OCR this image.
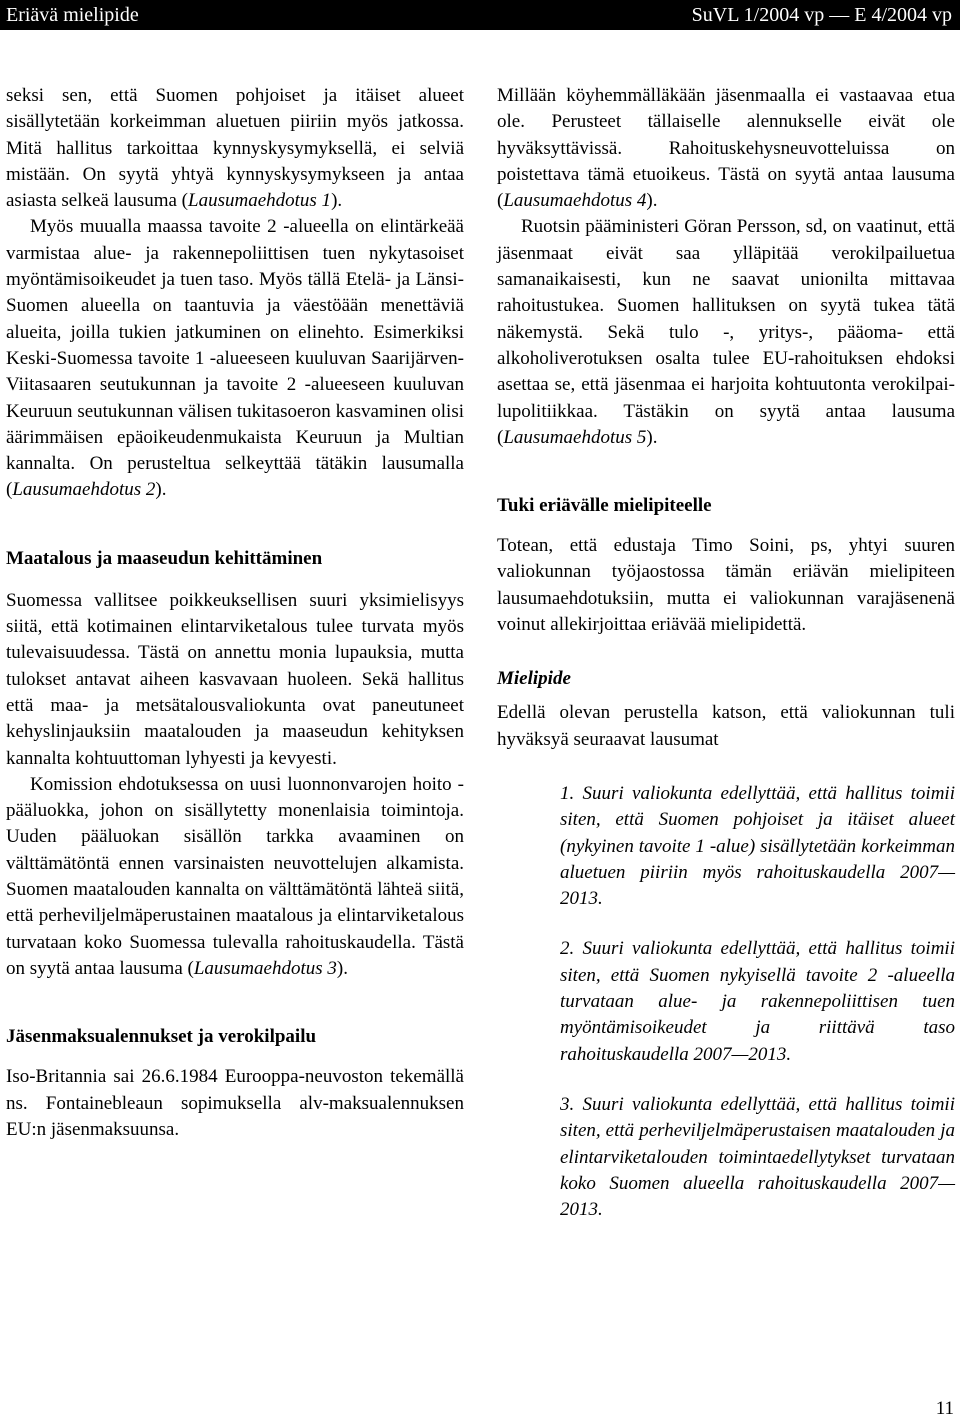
Eriävä mielipide	SuVL 1/2004 vp — E 4/2004 vp

seksi sen, että Suomen pohjoiset ja itäiset alueet sisällytetään korkeimman aluetuen piiriin myös jatkossa. Mitä hallitus tarkoittaa kynnyskysymyksellä, ei selviä mistään. On syytä yhtyä kynnyskysymykseen ja antaa asiasta selkeä lausuma (Lausumaehdotus 1).

Myös muualla maassa tavoite 2 -alueella on elintärkeää varmistaa alue- ja rakennepoliittisen tuen nykytasoiset myöntämisoikeudet ja tuen taso. Myös tällä Etelä- ja Länsi-Suomen alueella on taantuvia ja väestöään menettäviä alueita, joilla tukien jatkuminen on elinehto. Esimerkiksi Keski-Suomessa tavoite 1 -alueeseen kuuluvan Saarijärven-Viitasaaren seutukunnan ja tavoite 2 -alueeseen kuuluvan Keuruun seutukunnan välisen tukitasoeron kasvaminen olisi äärimmäisen epäoikeudenmukaista Keuruun ja Multian kannalta. On perusteltua selkeyttää tätäkin lausumalla (Lausumaehdotus 2).

Maatalous ja maaseudun kehittäminen

Suomessa vallitsee poikkeuksellisen suuri yksimielisyys siitä, että kotimainen elintarviketalous tulee turvata myös tulevaisuudessa. Tästä on annettu monia lupauksia, mutta tulokset antavat aiheen kasvavaan huoleen. Sekä hallitus että maa- ja metsätalousvaliokunta ovat paneutuneet kehyslinjauksiin maatalouden ja maaseudun kehityksen kannalta kohtuuttoman lyhyesti ja kevyesti.

Komission ehdotuksessa on uusi luonnonvarojen hoito -pääluokka, johon on sisällytetty monenlaisia toimintoja. Uuden pääluokan sisällön tarkka avaaminen on välttämätöntä ennen varsinaisten neuvottelujen alkamista. Suomen maatalouden kannalta on välttämätöntä lähteä siitä, että perheviljelmäperustainen maatalous ja elintarviketalous turvataan koko Suomessa tulevalla rahoituskaudella. Tästä on syytä antaa lausuma (Lausumaehdotus 3).

Jäsenmaksualennukset ja verokilpailu

Iso-Britannia sai 26.6.1984 Eurooppa-neuvoston tekemällä ns. Fontainebleaun sopimuksella alv-maksualennuksen EU:n jäsenmaksuunsa.

Millään köyhemmälläkään jäsenmaalla ei vastaavaa etua ole. Perusteet tällaiselle alennukselle eivät ole hyväksyttävissä. Rahoituskehysneuvotteluissa on poistettava tämä etuoikeus. Tästä on syytä antaa lausuma (Lausumaehdotus 4).

Ruotsin pääministeri Göran Persson, sd, on vaatinut, että jäsenmaat eivät saa ylläpitää verokilpailuetua samanaikaisesti, kun ne saavat unionilta mittavaa rahoitustukea. Suomen hallituksen on syytä tukea tätä näkemystä. Sekä tulo -, yritys-, pääoma- että alkoholiverotuksen osalta tulee EU-rahoituksen ehdoksi asettaa se, että jäsenmaa ei harjoita kohtuutonta verokilpailupolitiikkaa. Tästäkin on syytä antaa lausuma (Lausumaehdotus 5).

Tuki eriävälle mielipiteelle

Totean, että edustaja Timo Soini, ps, yhtyi suuren valiokunnan työjaostossa tämän eriävän mielipiteen lausumaehdotuksiin, mutta ei valiokunnan varajäsenenä voinut allekirjoittaa eriävää mielipidettä.

Mielipide

Edellä olevan perustella katson, että valiokunnan tuli hyväksyä seuraavat lausumat

1. Suuri valiokunta edellyttää, että hallitus toimii siten, että Suomen pohjoiset ja itäiset alueet (nykyinen tavoite 1 -alue) sisällytetään korkeimman aluetuen piiriin myös rahoituskaudella 2007—2013.

2. Suuri valiokunta edellyttää, että hallitus toimii siten, että Suomen nykyisellä tavoite 2 -alueella turvataan alue- ja rakennepoliittisen tuen myöntämisoikeudet ja riittävä taso rahoituskaudella 2007—2013.

3. Suuri valiokunta edellyttää, että hallitus toimii siten, että perheviljelmäperustaisen maatalouden ja elintarviketalouden toimintaedellytykset turvataan koko Suomen alueella rahoituskaudella 2007—2013.

11
